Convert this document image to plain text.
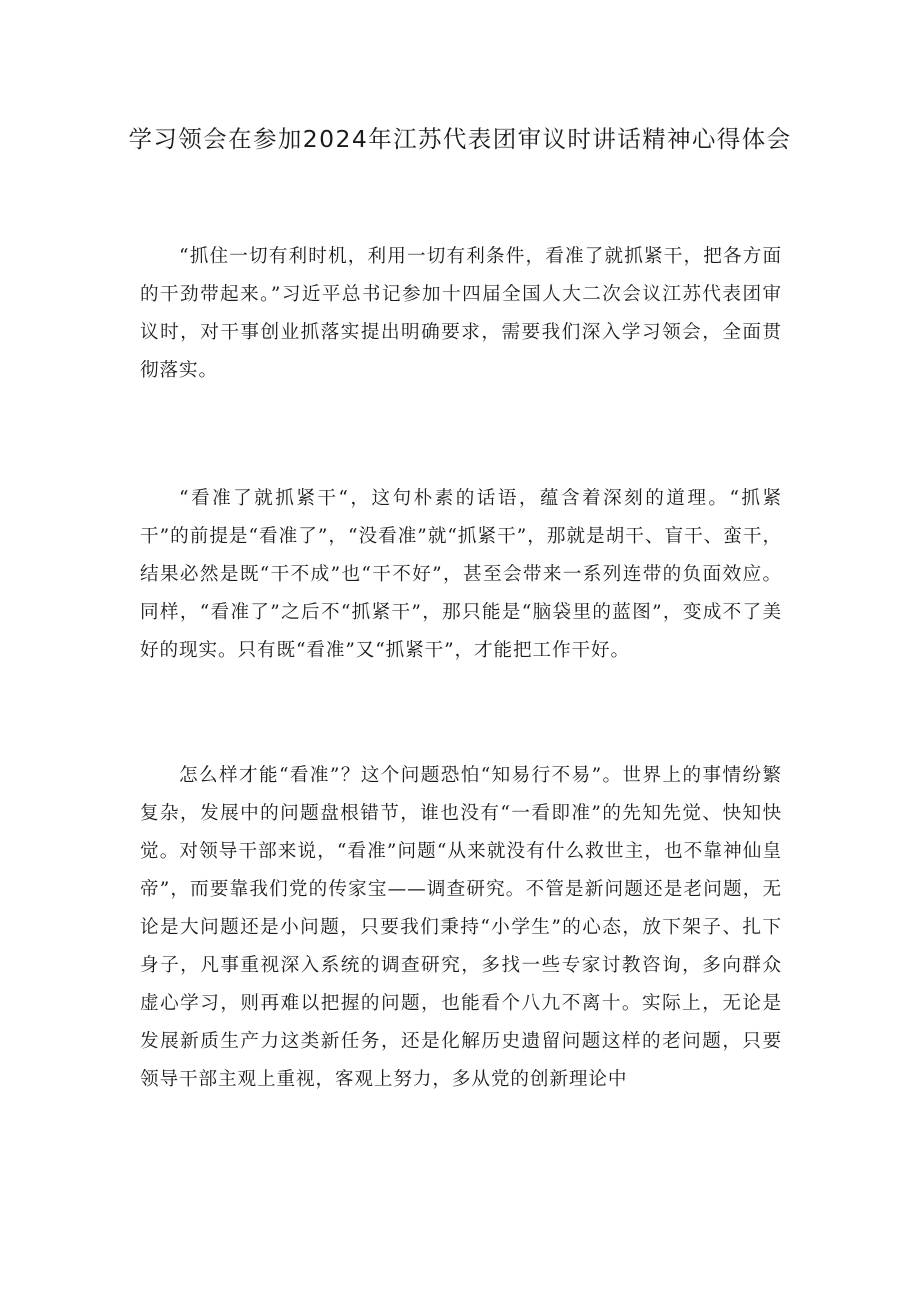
学习领会在参加2024年江苏代表团审议时讲话精神心得体会

“抓住一切有利时机，利用一切有利条件，看准了就抓紧干，把各方面的干劲带起来。”习近平总书记参加十四届全国人大二次会议江苏代表团审议时，对干事创业抓落实提出明确要求，需要我们深入学习领会，全面贯彻落实。

“看准了就抓紧干“，这句朴素的话语，蕴含着深刻的道理。“抓紧干”的前提是“看准了”，“没看准”就“抓紧干”，那就是胡干、盲干、蛮干，结果必然是既“干不成”也“干不好”，甚至会带来一系列连带的负面效应。同样，“看准了”之后不“抓紧干”，那只能是“脑袋里的蓝图”，变成不了美好的现实。只有既“看准”又“抓紧干”，才能把工作干好。

怎么样才能“看准”？这个问题恐怕“知易行不易”。世界上的事情纷繁复杂，发展中的问题盘根错节，谁也没有“一看即准”的先知先觉、快知快觉。对领导干部来说，“看准”问题“从来就没有什么救世主，也不靠神仙皇帝”，而要靠我们党的传家宝——调查研究。不管是新问题还是老问题，无论是大问题还是小问题，只要我们秉持“小学生”的心态，放下架子、扎下身子，凡事重视深入系统的调查研究，多找一些专家讨教咨询，多向群众虚心学习，则再难以把握的问题，也能看个八九不离十。实际上，无论是发展新质生产力这类新任务，还是化解历史遗留问题这样的老问题，只要领导干部主观上重视，客观上努力，多从党的创新理论中
